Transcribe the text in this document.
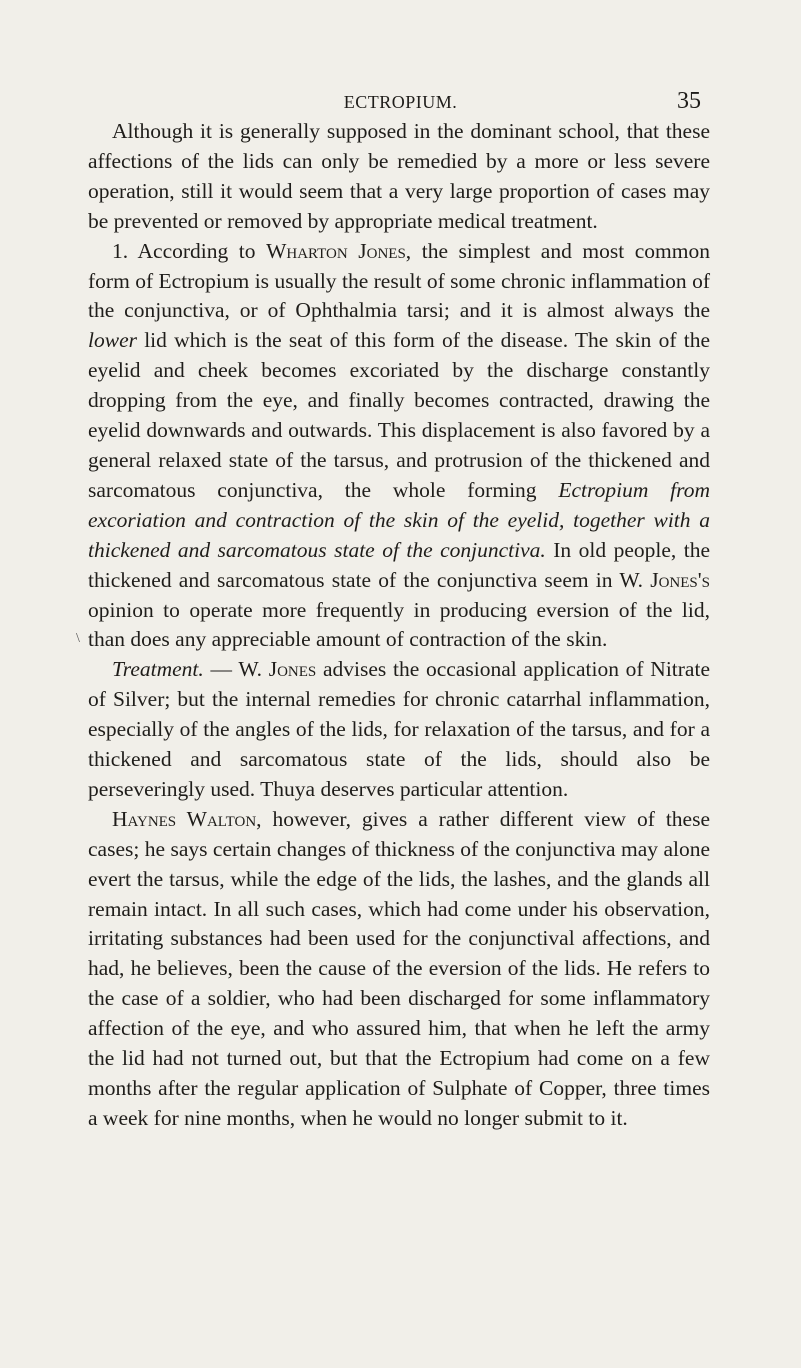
ECTROPIUM.	35
\

Although it is generally supposed in the dominant school, that these affections of the lids can only be remedied by a more or less severe operation, still it would seem that a very large proportion of cases may be prevented or removed by appropriate medical treatment.

1. According to Wharton Jones, the simplest and most common form of Ectropium is usually the result of some chronic inflammation of the conjunctiva, or of Ophthalmia tarsi; and it is almost always the lower lid which is the seat of this form of the disease. The skin of the eyelid and cheek becomes excoriated by the discharge constantly dropping from the eye, and finally becomes contracted, drawing the eyelid downwards and outwards. This displacement is also favored by a general relaxed state of the tarsus, and protrusion of the thickened and sarcomatous conjunctiva, the whole forming Ectropium from excoriation and contraction of the skin of the eyelid, together with a thickened and sarcomatous state of the conjunctiva. In old people, the thickened and sarcomatous state of the conjunctiva seem in W. Jones's opinion to operate more frequently in producing eversion of the lid, than does any appreciable amount of contraction of the skin.

Treatment. — W. Jones advises the occasional application of Nitrate of Silver; but the internal remedies for chronic catarrhal inflammation, especially of the angles of the lids, for relaxation of the tarsus, and for a thickened and sarcomatous state of the lids, should also be perseveringly used. Thuya deserves particular attention.

Haynes Walton, however, gives a rather different view of these cases; he says certain changes of thickness of the conjunctiva may alone evert the tarsus, while the edge of the lids, the lashes, and the glands all remain intact. In all such cases, which had come under his observation, irritating substances had been used for the conjunctival affections, and had, he believes, been the cause of the eversion of the lids. He refers to the case of a soldier, who had been discharged for some inflammatory affection of the eye, and who assured him, that when he left the army the lid had not turned out, but that the Ectropium had come on a few months after the regular application of Sulphate of Copper, three times a week for nine months, when he would no longer submit to it.
